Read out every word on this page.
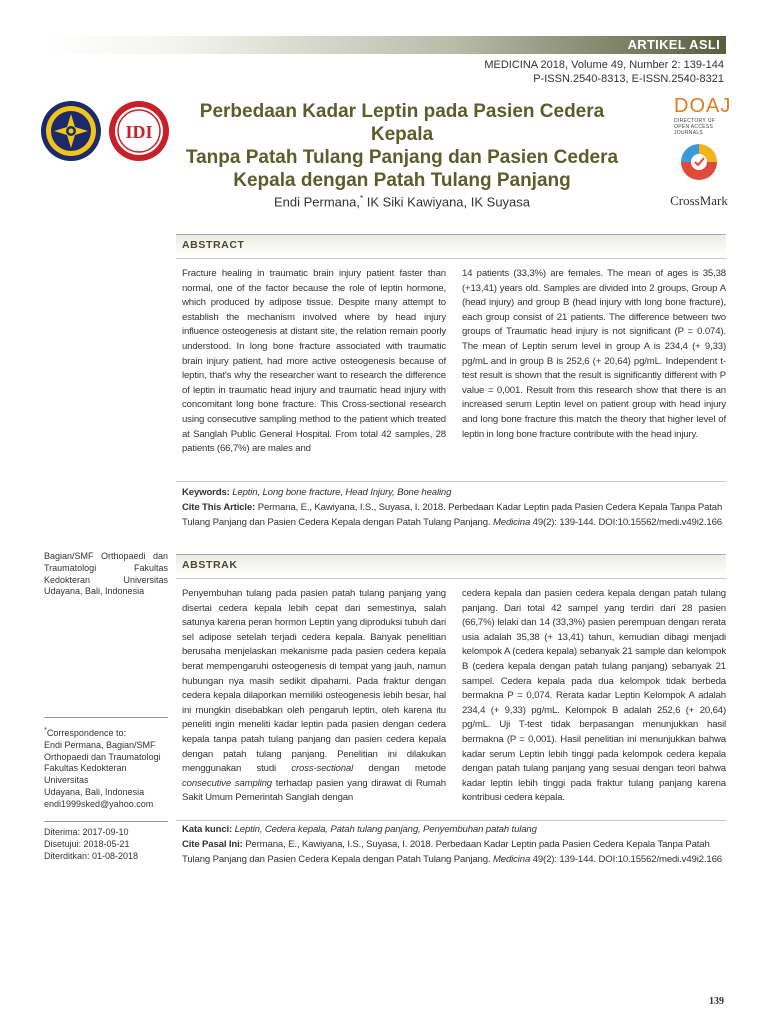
ARTIKEL ASLI
MEDICINA 2018, Volume 49, Number 2: 139-144
P-ISSN.2540-8313, E-ISSN.2540-8321
IDI
Perbedaan Kadar Leptin pada Pasien Cedera Kepala
Tanpa Patah Tulang Panjang dan Pasien Cedera
Kepala dengan Patah Tulang Panjang
DOAJ
DIRECTORY OF
OPEN ACCESS
JOURNALS
CrossMark
Endi Permana,* IK Siki Kawiyana, IK Suyasa
ABSTRACT

Fracture healing in traumatic brain injury patient faster than normal, one of the factor because the role of leptin hormone, which produced by adipose tissue. Despite many attempt to establish the mechanism involved where by head injury influence osteogenesis at distant site, the relation remain poorly understood. In long bone fracture associated with traumatic brain injury patient, had more active osteogenesis because of leptin, that's why the researcher want to research the difference of leptin in traumatic head injury and traumatic head injury with concomitant long bone fracture. This Cross-sectional research using consecutive sampling method to the patient which treated at Sanglah Public General Hospital. From total 42 samples, 28 patients (66,7%) are males and

14 patients (33,3%) are females. The mean of ages is 35,38 (+13,41) years old. Samples are divided into 2 groups, Group A (head injury) and group B (head injury with long bone fracture), each group consist of 21 patients. The difference between two groups of Traumatic head injury is not significant (P = 0.074). The mean of Leptin serum level in group A is 234,4 (+ 9,33) pg/mL and in group B is 252,6 (+ 20,64) pg/mL. Independent t-test result is shown that the result is significantly different with P value = 0,001. Result from this research show that there is an increased serum Leptin level on patient group with head injury and long bone fracture this match the theory that higher level of leptin in long bone fracture contribute with the head injury.

Keywords: Leptin, Long bone fracture, Head Injury, Bone healing
Cite This Article: Permana, E., Kawiyana, I.S., Suyasa, I. 2018. Perbedaan Kadar Leptin pada Pasien Cedera Kepala Tanpa Patah Tulang Panjang dan Pasien Cedera Kepala dengan Patah Tulang Panjang. Medicina 49(2): 139-144. DOI:10.15562/medi.v49i2.166
ABSTRAK

Penyembuhan tulang pada pasien patah tulang panjang yang disertai cedera kepala lebih cepat dari semestinya, salah satunya karena peran hormon Leptin yang diproduksi tubuh dari sel adipose setelah terjadi cedera kepala. Banyak penelitian berusaha menjelaskan mekanisme pada pasien cedera kepala berat mempengaruhi osteogenesis di tempat yang jauh, namun hubungan nya masih sedikit dipahami. Pada fraktur dengan cedera kepala dilaporkan memiliki osteogenesis lebih besar, hal ini mungkin disebabkan oleh pengaruh leptin, oleh karena itu peneliti ingin meneliti kadar leptin pada pasien dengan cedera kepala tanpa patah tulang panjang dan pasien cedera kepala dengan patah tulang panjang. Penelitian ini dilakukan menggunakan studi cross-sectional dengan metode consecutive sampling terhadap pasien yang dirawat di Rumah Sakit Umum Pemerintah Sanglah dengan

cedera kepala dan pasien cedera kepala dengan patah tulang panjang. Dari total 42 sampel yang terdiri dari 28 pasien (66,7%) lelaki dan 14 (33,3%) pasien perempuan dengan rerata usia adalah 35,38 (+ 13,41) tahun, kemudian dibagi menjadi kelompok A (cedera kepala) sebanyak 21 sample dan kelompok B (cedera kepala dengan patah tulang panjang) sebanyak 21 sampel. Cedera kepala pada dua kelompok tidak berbeda bermakna P = 0,074. Rerata kadar Leptin Kelompok A adalah 234,4 (+ 9,33) pg/mL. Kelompok B adalah 252,6 (+ 20,64) pg/mL. Uji T-test tidak berpasangan menunjukkan hasil bermakna (P = 0,001). Hasil penelitian ini menunjukkan bahwa kadar serum Leptin lebih tinggi pada kelompok cedera kepala dengan patah tulang panjang yang sesuai dengan teori bahwa kadar leptin lebih tinggi pada fraktur tulang panjang karena kontribusi cedera kepala.

Kata kunci: Leptin, Cedera kepala, Patah tulang panjang, Penyembuhan patah tulang
Cite Pasal Ini: Permana, E., Kawiyana, I.S., Suyasa, I. 2018. Perbedaan Kadar Leptin pada Pasien Cedera Kepala Tanpa Patah Tulang Panjang dan Pasien Cedera Kepala dengan Patah Tulang Panjang. Medicina 49(2): 139-144. DOI:10.15562/medi.v49i2.166
Bagian/SMF Orthopaedi dan Traumatologi Fakultas Kedokteran Universitas Udayana, Bali, Indonesia
*Correspondence to:
Endi Permana, Bagian/SMF
Orthopaedi dan Traumatologi
Fakultas Kedokteran Universitas
Udayana, Bali, Indonesia
endi1999sked@yahoo.com
Diterima: 2017-09-10
Disetujui: 2018-05-21
Diterditkan: 01-08-2018
139
